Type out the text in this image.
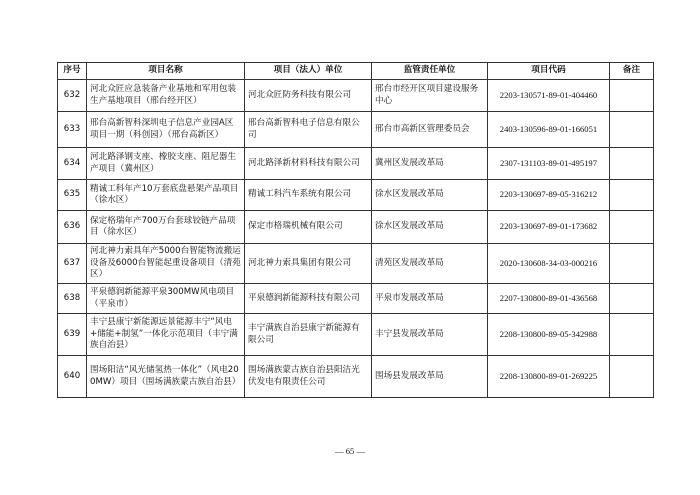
序号	项目名称	项目（法人）单位	监管责任单位	项目代码	备注
632	河北众匠应急装备产业基地和军用包装生产基地项目（邢台经开区）	河北众匠防务科技有限公司	邢台市经开区项目建设服务中心	2203-130571-89-01-404460	
633	邢台高新智科深圳电子信息产业园A区项目一期（科创园）（邢台高新区）	邢台高新智科电子信息有限公司	邢台市高新区管理委员会	2403-130596-89-01-166051	
634	河北路泽钢支座、橡胶支座、阻尼器生产项目（冀州区）	河北路泽新材料科技有限公司	冀州区发展改革局	2307-131103-89-01-495197	
635	精诚工科年产10万套底盘悬架产品项目（徐水区）	精诚工科汽车系统有限公司	徐水区发展改革局	2203-130697-89-05-316212	
636	保定格瑞年产700万台套球铰链产品项目（徐水区）	保定市格瑞机械有限公司	徐水区发展改革局	2203-130697-89-01-173682	
637	河北神力索具年产5000台智能物流搬运设备及6000台智能起重设备项目（清苑区）	河北神力索具集团有限公司	清苑区发展改革局	2020-130608-34-03-000216	
638	平泉德润新能源平泉300MW风电项目（平泉市）	平泉德润新能源科技有限公司	平泉市发展改革局	2207-130800-89-01-436568	
639	丰宁县康宁新能源远景能源丰宁“风电+储能+制氢”一体化示范项目（丰宁满族自治县）	丰宁满族自治县康宁新能源有限公司	丰宁县发展改革局	2208-130800-89-05-342988	
640	围场阳洁“风光储氢热一体化”（风电200MW）项目（围场满族蒙古族自治县）	围场满族蒙古族自治县阳洁光伏发电有限责任公司	围场县发展改革局	2208-130800-89-01-269225	
— 65 —
